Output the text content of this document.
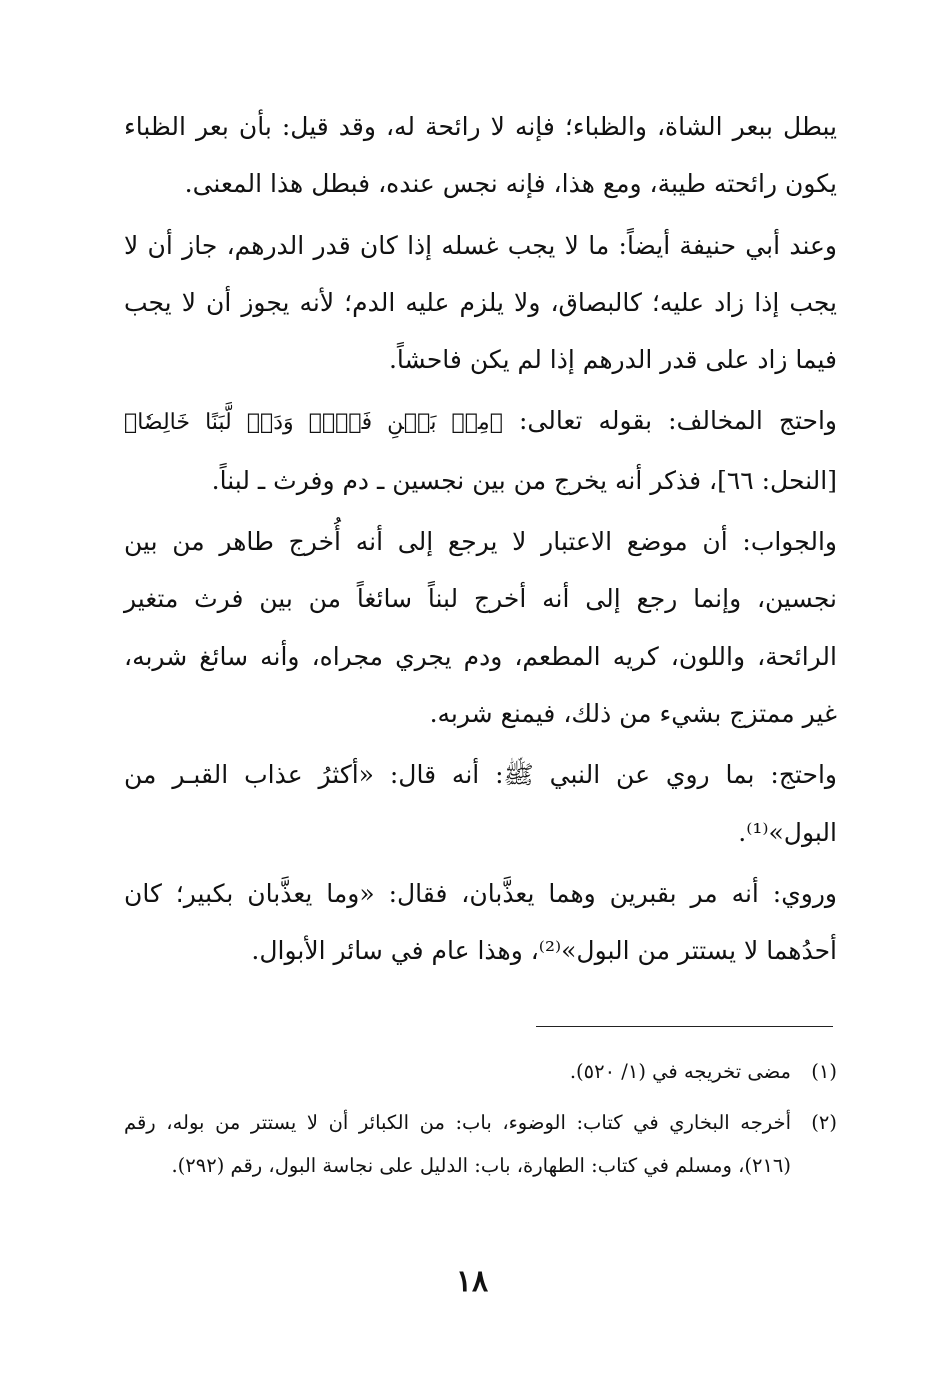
يبطل ببعر الشاة، والظباء؛ فإنه لا رائحة له، وقد قيل: بأن بعر الظباء يكون رائحته طيبة، ومع هذا، فإنه نجس عنده، فبطل هذا المعنى.

وعند أبي حنيفة أيضاً: ما لا يجب غسله إذا كان قدر الدرهم، جاز أن لا يجب إذا زاد عليه؛ كالبصاق، ولا يلزم عليه الدم؛ لأنه يجوز أن لا يجب فيما زاد على قدر الدرهم إذا لم يكن فاحشاً.

واحتج المخالف: بقوله تعالى: ﴿مِنۢ بَيۡنِ فَرۡثٖ وَدَمٖ لَّبَنًا خَالِصٗا﴾[النحل: ٦٦]، فذكر أنه يخرج من بين نجسين ـ دم وفرث ـ لبناً.

والجواب: أن موضع الاعتبار لا يرجع إلى أنه أُخرج طاهر من بين نجسين، وإنما رجع إلى أنه أخرج لبناً سائغاً من بين فرث متغير الرائحة، واللون، كريه المطعم، ودم يجري مجراه، وأنه سائغ شربه، غير ممتزج بشيء من ذلك، فيمنع شربه.

واحتج: بما روي عن النبي ﷺ: أنه قال: «أكثرُ عذاب القبـر من البول»⁽¹⁾.

وروي: أنه مر بقبرين وهما يعذَّبان، فقال: «وما يعذَّبان بكبير؛ كان أحدُهما لا يستتر من البول»⁽²⁾، وهذا عام في سائر الأبوال.

(١)
مضى تخريجه في (١/ ٥٢٠).
(٢)
أخرجه البخاري في كتاب: الوضوء، باب: من الكبائر أن لا يستتر من بوله، رقم (٢١٦)، ومسلم في كتاب: الطهارة، باب: الدليل على نجاسة البول، رقم (٢٩٢).
١٨
